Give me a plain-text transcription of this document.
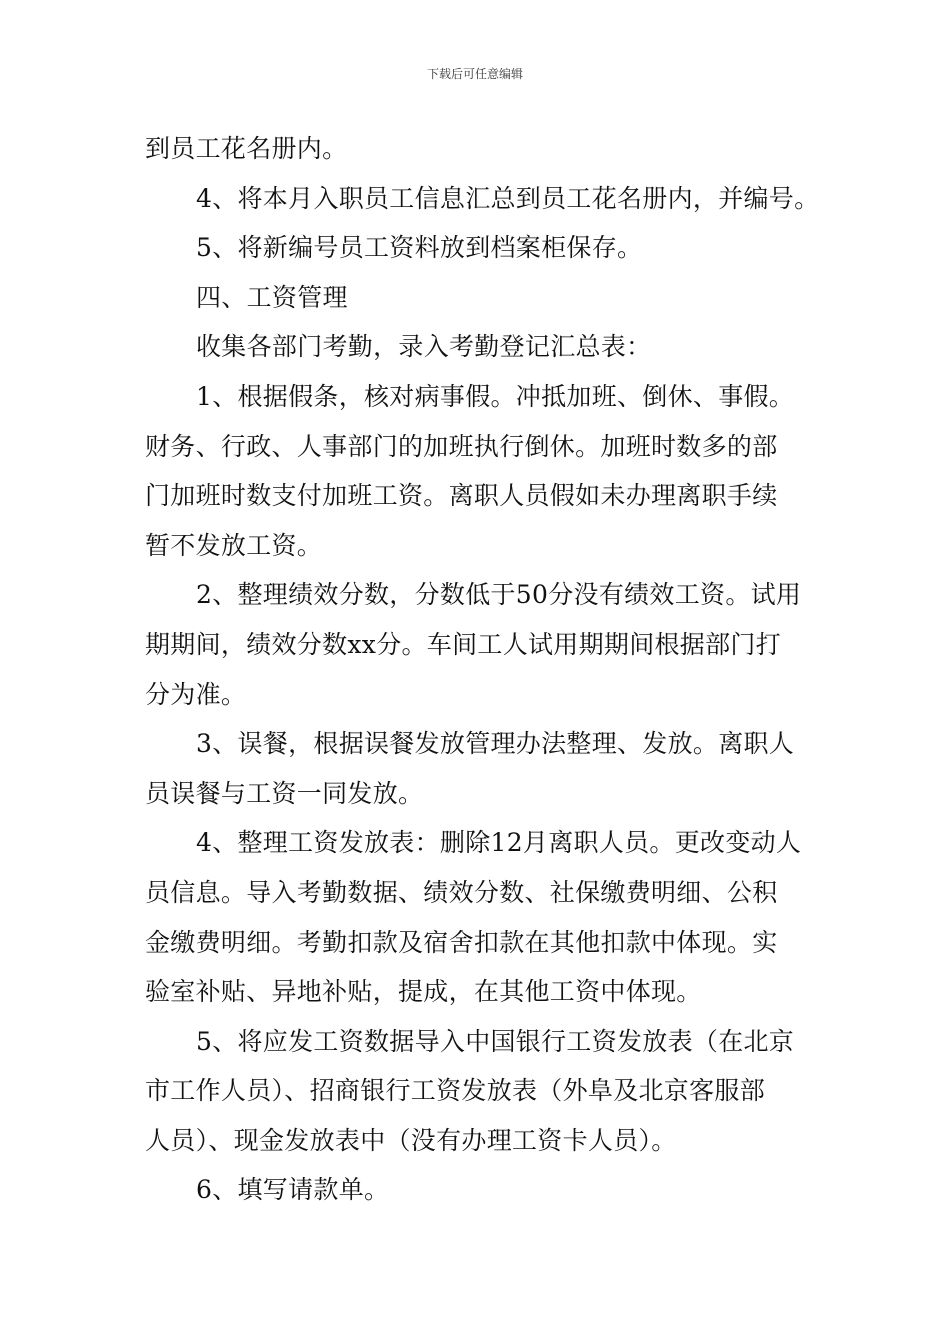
下载后可任意编辑
到员工花名册内。
4、将本月入职员工信息汇总到员工花名册内，并编号。
5、将新编号员工资料放到档案柜保存。
四、工资管理
收集各部门考勤，录入考勤登记汇总表：
1、根据假条，核对病事假。冲抵加班、倒休、事假。
财务、行政、人事部门的加班执行倒休。加班时数多的部
门加班时数支付加班工资。离职人员假如未办理离职手续
暂不发放工资。
2、整理绩效分数，分数低于50分没有绩效工资。试用
期期间，绩效分数xx分。车间工人试用期期间根据部门打
分为准。
3、误餐，根据误餐发放管理办法整理、发放。离职人
员误餐与工资一同发放。
4、整理工资发放表：删除12月离职人员。更改变动人
员信息。导入考勤数据、绩效分数、社保缴费明细、公积
金缴费明细。考勤扣款及宿舍扣款在其他扣款中体现。实
验室补贴、异地补贴，提成，在其他工资中体现。
5、将应发工资数据导入中国银行工资发放表（在北京
市工作人员）、招商银行工资发放表（外阜及北京客服部
人员）、现金发放表中（没有办理工资卡人员）。
6、填写请款单。
